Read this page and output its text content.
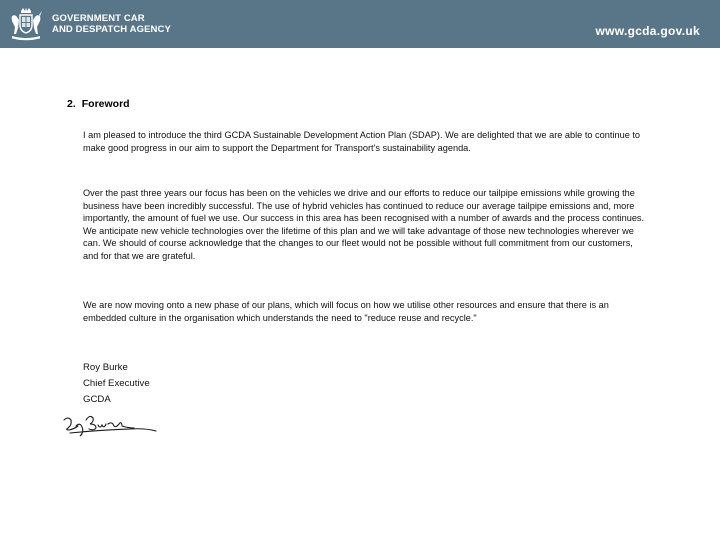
GOVERNMENT CAR
AND DESPATCH AGENCY	www.gcda.gov.uk
2. Foreword
I am pleased to introduce the third GCDA Sustainable Development Action Plan (SDAP). We are delighted that we are able to continue to make good progress in our aim to support the Department for Transport's sustainability agenda.
Over the past three years our focus has been on the vehicles we drive and our efforts to reduce our tailpipe emissions while growing the business have been incredibly successful. The use of hybrid vehicles has continued to reduce our average tailpipe emissions and, more importantly, the amount of fuel we use. Our success in this area has been recognised with a number of awards and the process continues. We anticipate new vehicle technologies over the lifetime of this plan and we will take advantage of those new technologies wherever we can. We should of course acknowledge that the changes to our fleet would not be possible without full commitment from our customers, and for that we are grateful.
We are now moving onto a new phase of our plans, which will focus on how we utilise other resources and ensure that there is an embedded culture in the organisation which understands the need to "reduce reuse and recycle."
Roy Burke
Chief Executive
GCDA
